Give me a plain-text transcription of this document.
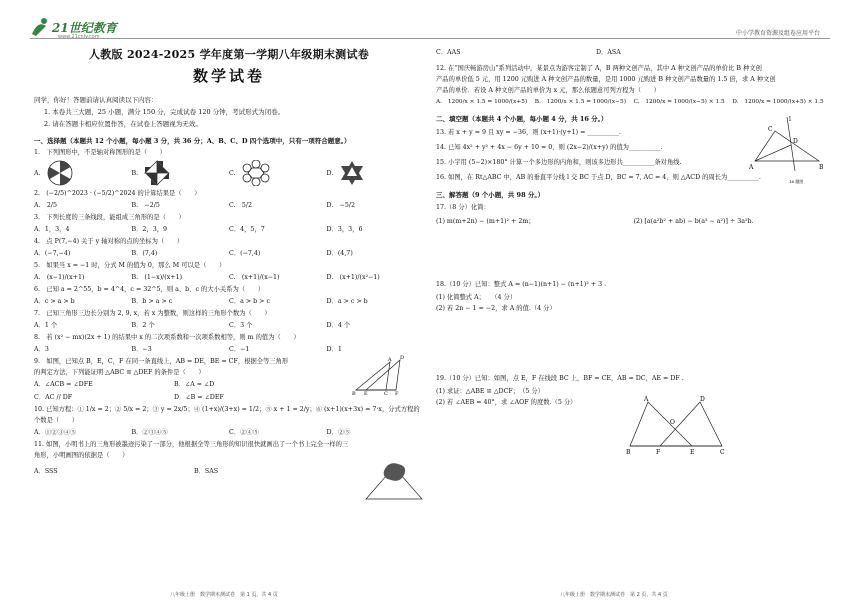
21世纪教育
www.21cnjy.com	中小学教育资源及组卷应用平台
人教版 2024-2025 学年度第一学期八年级期末测试卷
数学试卷
同学，你好！答题前请认真阅读以下内容：
1. 本卷共三大题，25 小题，满分 150 分，完成试卷 120 分钟，考试形式为闭卷。
2. 请在答题卡相应位置作答，在试卷上答题视为无效。
一、选择题（本题共 12 个小题，每小题 3 分，共 36 分；A、B、C、D 四个选项中，只有一项符合题意。）
1.　下列图形中，不是轴对称图形的是（　　）
A.	B.	C.	D.
2.　(−2/5)^2023 · (−5/2)^2024 的计算结果是（　　）
A.　2/5	B.　−2/5	C.　5/2	D.　−5/2
3.　下列长度的三条线段，能组成三角形的是（　　）
A．1，3，4	B．2，3，9	C．4，5，7	D．3，3，6
4.　点 P(7,−4) 关于 y 轴对称的点的坐标为（　　）
A．(−7,−4)	B．(7,4)	C．(−7,4)	D．(4,7)
5.　如果当 x = −1 时，分式 M 的值为 0，那么 M 可以是（　　）
A.　(x−1)/(x+1)	B.　(1−x)/(x+1)	C.　(x+1)/(x−1)	D.　(x+1)/(x²−1)
6.　已知 a = 2^55，b = 4^4，c = 32^5，则 a、b、c 的大小关系为（　　）
A．c > a > b	B．b > a > c	C．a > b > c	D．a > c > b
7.　已知三角形三边长分别为 2, 9, x，若 x 为整数，则这样的三角形个数为（　　）
A．1 个	B．2 个	C．3 个	D．4 个
8.　若 (x² − mx)(2x + 1) 的结果中 x 的二次项系数和一次项系数相等，则 m 的值为（　　）
A．3	B．−3	C．−1	D．1
9.　如图，已知点 B，E，C，F 在同一条直线上，AB = DE，BE = CF，根据全等三角形
的判定方法，下列能证明 △ABC ≌ △DEF 的条件是（　　）
A．∠ACB = ∠DFE	B．∠A = ∠D
C．AC // DF	D．∠B = ∠DEF
A D
B E	C F
10. 已知方程：① 1/x = 2；② 5/x = 2；③ y = 2x/5；④ (1+x)/(3+x) = 1/2；⑤ x + 1 = 2/y；⑥ (x+1)(x+3x) = 7·x，分式方程的个数是（　　）
A．①②③④⑤	B．②③④⑤	C．②④⑤	D．②⑤
11. 如图，小明书上的三角形被墨迹污染了一部分，他根据全等三角形的知识很快就画出了一个书上完全一样的三
角形，小明画图的依据是（　　）
A．SSS	B．SAS
C．AAS	D．ASA
12. 在“国庆畅游房山”系列活动中，某景点为游客定制了 A，B 两种文创产品，其中 A 种文创产品的单价比 B 种文创
产品的单价低 5 元，用 1200 元购进 A 种文创产品的数量，是用 1000 元购进 B 种文创产品数量的 1.5 倍，求 A 种文创
产品的单价．若设 A 种文创产品的单价为 x 元，那么依题意可列方程为（　　）
A.　1200/x × 1.5 = 1000/(x+5)	B.　1200/x × 1.5 = 1000/(x−5)	C.　1200/x = 1000/(x−5) × 1.5	D.　1200/x = 1000/(x+5) × 1.5
二、填空题（本题共 4 个小题，每小题 4 分，共 16 分。）
13. 若 x + y = 9 且 xy = −36，则 (x+1)·(y+1) = __________.
14. 已知 4x² + y² + 4x − 6y + 10 = 0，则 (2x−2)/(x+y) 的值为__________.
15. 小宇用 (5−2)×180° 计算一个多边形的内角和，则该多边形共__________条对角线.
16. 如图，在 Rt△ABC 中，AB 的垂直平分线 l 交 BC 于点 D，BC = 7, AC = 4，则 △ACD 的周长为__________.
C
D
A	B
l
16 题图
三、解答题（9 个小题，共 98 分。）
17.（8 分）化简：
(1) m(m+2n) − (m+1)² + 2m；	(2) [a(a²b² + ab) − b(a³ − a²)] ÷ 3a²b.
18.（10 分）已知：整式 A = (n−1)(n+1) − (n+1)² + 3 .
(1) 化简整式 A；　　（4 分）
(2) 若 2n − 1 = −2，求 A 的值.（4 分）
19.（10 分）已知：如图，点 E，F 在线段 BC 上，BF = CE，AB = DC，AE = DF .
(1) 求证：△ABE ≌ △DCF；　（5 分）
(2) 若 ∠AEB = 40°，求 ∠AOF 的度数.（5 分）	A	D
O
B	F	E	C
八年级上册　数学期末测试卷　第 1 页，共 4 页	八年级上册　数学期末测试卷　第 2 页，共 4 页
